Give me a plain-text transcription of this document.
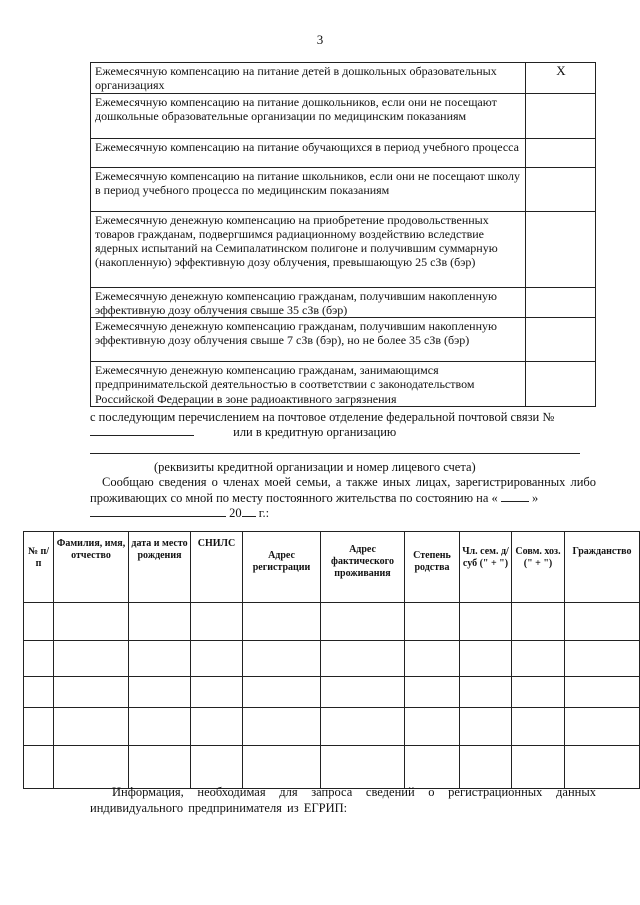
3
Ежемесячную компенсацию на питание детей в дошкольных образовательных организациях	X
Ежемесячную компенсацию на питание дошкольников, если они не посещают дошкольные образовательные организации по медицинским показаниям	
Ежемесячную компенсацию на питание обучающихся в период учебного процесса	
Ежемесячную компенсацию на питание школьников, если они не посещают школу в период учебного процесса по медицинским показаниям	
Ежемесячную денежную компенсацию на приобретение продовольственных товаров гражданам, подвергшимся радиационному воздействию вследствие ядерных испытаний на Семипалатинском полигоне и получившим суммарную (накопленную) эффективную дозу облучения, превышающую 25 сЗв (бэр)	
Ежемесячную денежную компенсацию гражданам, получившим накопленную эффективную дозу облучения свыше 35 сЗв (бэр)	
Ежемесячную денежную компенсацию гражданам, получившим накопленную эффективную дозу облучения свыше 7 сЗв (бэр), но не более 35 сЗв (бэр)	
Ежемесячную денежную компенсацию гражданам, занимающимся предпринимательской деятельностью в соответствии с законодательством Российской Федерации в зоне радиоактивного загрязнения	
с последующим перечислением на почтовое отделение федеральной почтовой связи №
или в кредитную организацию
(реквизиты кредитной организации и номер лицевого счета)
Сообщаю сведения о членах моей семьи, а также иных лицах, зарегистрированных либо проживающих со мной по месту постоянного жительства по состоянию на «	»
20 г.:
№ п/п	Фамилия, имя, отчество	дата и место рождения	СНИЛС	Адрес регистрации	Адрес фактического проживания	Степень родства	Чл. сем. д/суб (" + ")	Совм. хоз. (" + ")	Гражданство

Информация, необходимая для запроса сведений о регистрационных данных индивидуального предпринимателя из ЕГРИП:
